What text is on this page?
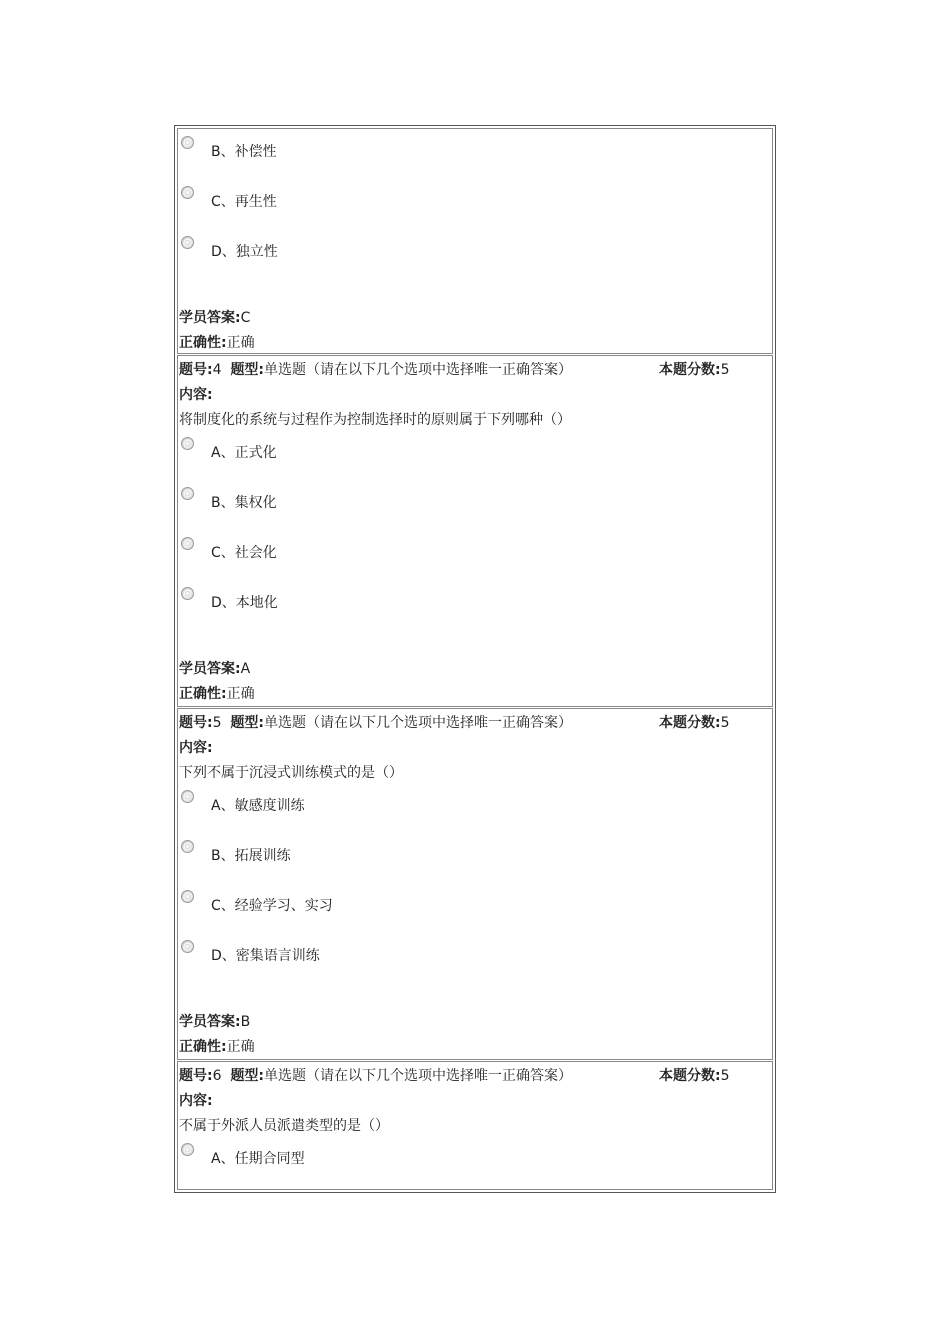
B、补偿性
C、再生性
D、独立性
学员答案:C
正确性:正确
题号:4 题型:单选题（请在以下几个选项中选择唯一正确答案）	本题分数:5
内容:
将制度化的系统与过程作为控制选择时的原则属于下列哪种（）
A、正式化
B、集权化
C、社会化
D、本地化
学员答案:A
正确性:正确
题号:5 题型:单选题（请在以下几个选项中选择唯一正确答案）	本题分数:5
内容:
下列不属于沉浸式训练模式的是（）
A、敏感度训练
B、拓展训练
C、经验学习、实习
D、密集语言训练
学员答案:B
正确性:正确
题号:6 题型:单选题（请在以下几个选项中选择唯一正确答案）	本题分数:5
内容:
不属于外派人员派遣类型的是（）
A、任期合同型
